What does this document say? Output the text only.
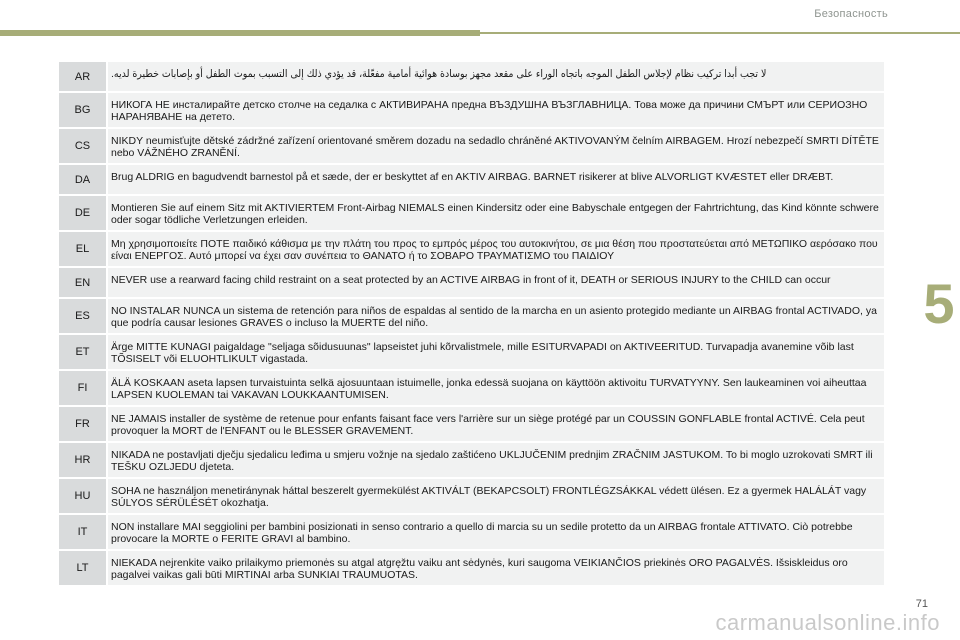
Безопасность
5
AR	لا تجب أبدا تركيب نظام لإجلاس الطفل الموجه باتجاه الوراء على مقعد مجهز بوسادة هوائية أمامية مفعّلة، قد يؤدي ذلك إلى التسبب بموت الطفل أو بإصابات خطيرة لديه.
BG	НИКОГА НЕ инсталирайте детско столче на седалка с АКТИВИРАНА предна ВЪЗДУШНА ВЪЗГЛАВНИЦА. Това може да причини СМЪРТ или СЕРИОЗНО НАРАНЯВАНЕ на детето.
CS	NIKDY neumisťujte dětské zádržné zařízení orientované směrem dozadu na sedadlo chráněné AKTIVOVANÝM čelním AIRBAGEM. Hrozí nebezpečí SMRTI DÍTĚTE nebo VÁŽNÉHO ZRANĚNÍ.
DA	Brug ALDRIG en bagudvendt barnestol på et sæde, der er beskyttet af en AKTIV AIRBAG. BARNET risikerer at blive ALVORLIGT KVÆSTET eller DRÆBT.
DE	Montieren Sie auf einem Sitz mit AKTIVIERTEM Front-Airbag NIEMALS einen Kindersitz oder eine Babyschale entgegen der Fahrtrichtung, das Kind könnte schwere oder sogar tödliche Verletzungen erleiden.
EL	Μη χρησιμοποιείτε ΠΟΤΕ παιδικό κάθισμα με την πλάτη του προς το εμπρός μέρος του αυτοκινήτου, σε μια θέση που προστατεύεται από ΜΕΤΩΠΙΚΟ αερόσακο που είναι ΕΝΕΡΓΟΣ. Αυτό μπορεί να έχει σαν συνέπεια το ΘΑΝΑΤΟ ή το ΣΟΒΑΡΟ ΤΡΑΥΜΑΤΙΣΜΟ του ΠΑΙΔΙΟΥ
EN	NEVER use a rearward facing child restraint on a seat protected by an ACTIVE AIRBAG in front of it, DEATH or SERIOUS INJURY to the CHILD can occur
ES	NO INSTALAR NUNCA un sistema de retención para niños de espaldas al sentido de la marcha en un asiento protegido mediante un AIRBAG frontal ACTIVADO, ya que podría causar lesiones GRAVES o incluso la MUERTE del niño.
ET	Ärge MITTE KUNAGI paigaldage "seljaga sõidusuunas" lapseistet juhi kõrvalistmele, mille ESITURVAPADI on AKTIVEERITUD. Turvapadja avanemine võib last TÕSISELT või ELUOHTLIKULT vigastada.
FI	ÄLÄ KOSKAAN aseta lapsen turvaistuinta selkä ajosuuntaan istuimelle, jonka edessä suojana on käyttöön aktivoitu TURVATYYNY. Sen laukeaminen voi aiheuttaa LAPSEN KUOLEMAN tai VAKAVAN LOUKKAANTUMISEN.
FR	NE JAMAIS installer de système de retenue pour enfants faisant face vers l'arrière sur un siège protégé par un COUSSIN GONFLABLE frontal ACTIVÉ. Cela peut provoquer la MORT de l'ENFANT ou le BLESSER GRAVEMENT.
HR	NIKADA ne postavljati dječju sjedalicu leđima u smjeru vožnje na sjedalo zaštićeno UKLJUČENIM prednjim ZRAČNIM JASTUKOM. To bi moglo uzrokovati SMRT ili TEŠKU OZLJEDU djeteta.
HU	SOHA ne használjon menetiránynak háttal beszerelt gyermekülést AKTIVÁLT (BEKAPCSOLT) FRONTLÉGZSÁKKAL védett ülésen. Ez a gyermek HALÁLÁT vagy SÚLYOS SÉRÜLÉSÉT okozhatja.
IT	NON installare MAI seggiolini per bambini posizionati in senso contrario a quello di marcia su un sedile protetto da un AIRBAG frontale ATTIVATO. Ciò potrebbe provocare la MORTE o FERITE GRAVI al bambino.
LT	NIEKADA nejrenkite vaiko prilaikymo priemonės su atgal atgręžtu vaiku ant sėdynės, kuri saugoma VEIKIANČIOS priekinės ORO PAGALVĖS. Išsiskleidus oro pagalvei vaikas gali būti MIRTINAI arba SUNKIAI TRAUMUOTAS.
71
carmanualsonline.info
